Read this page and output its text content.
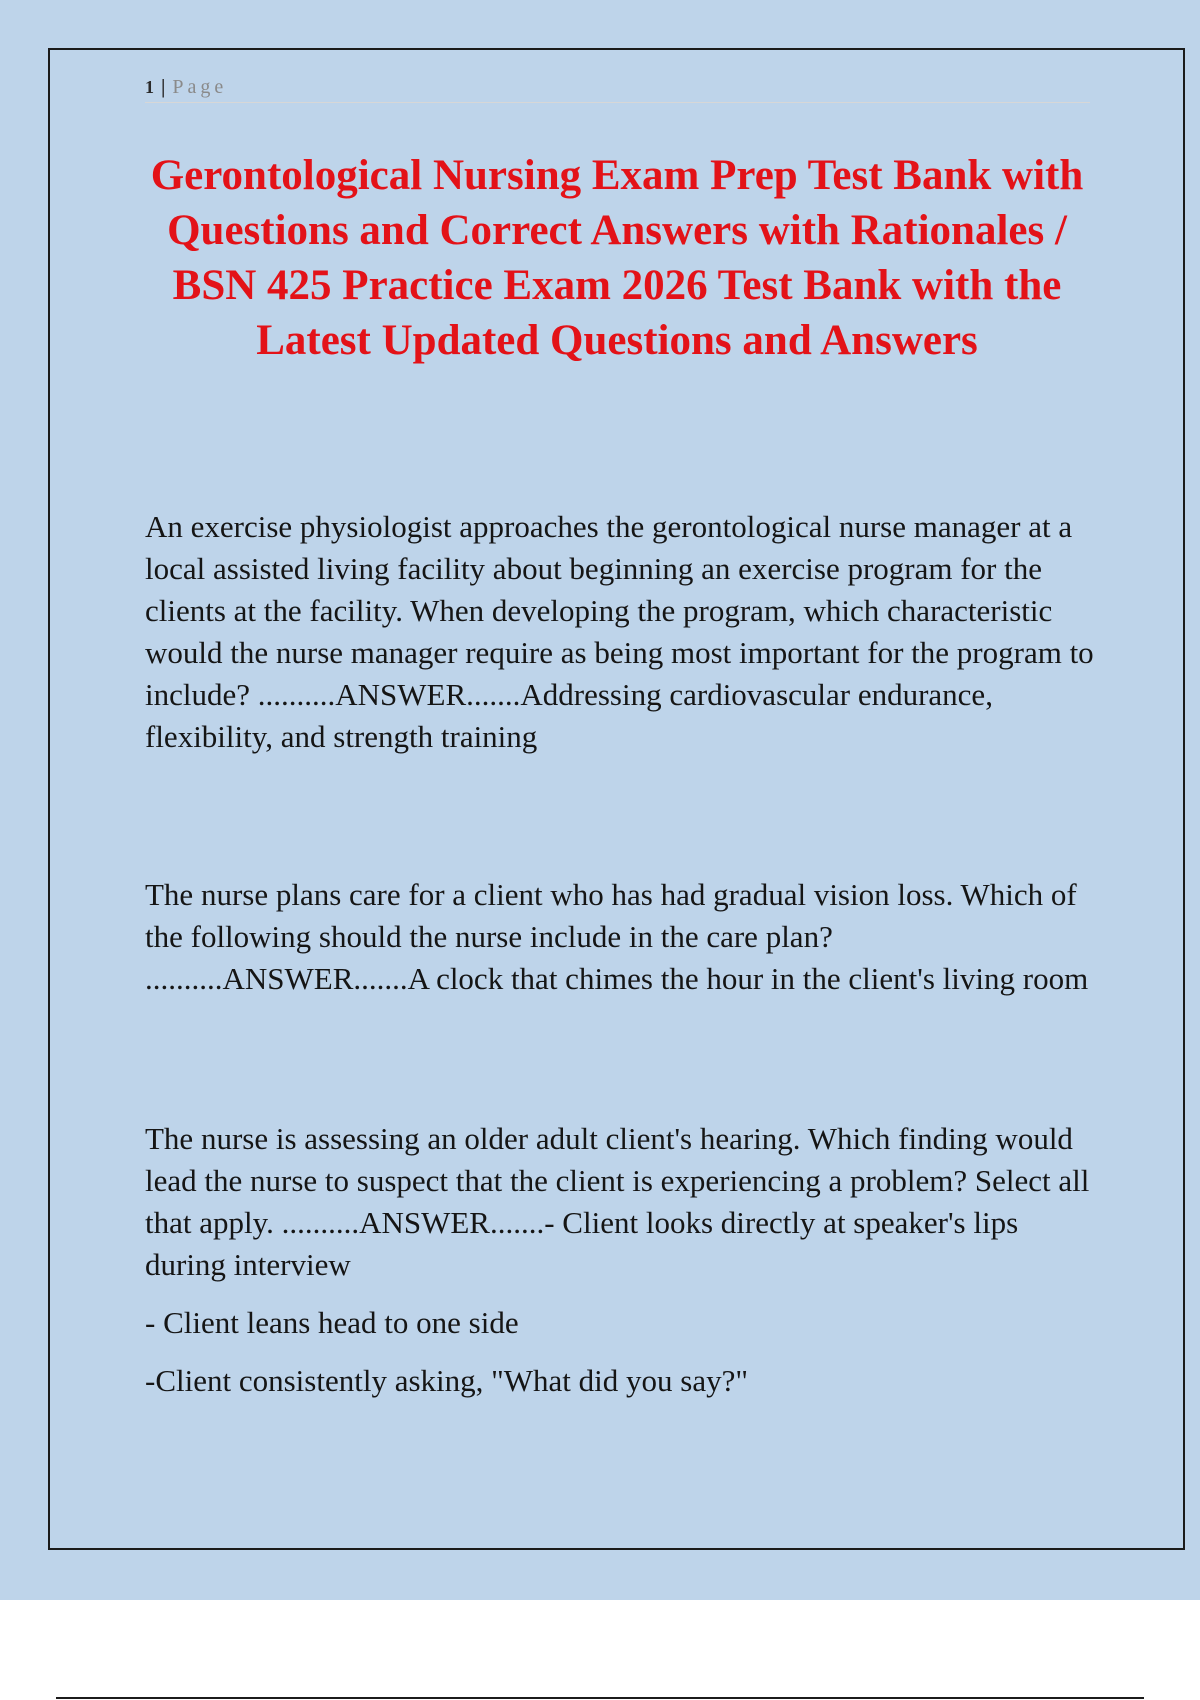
1 | Page
Gerontological Nursing Exam Prep Test Bank with Questions and Correct Answers with Rationales / BSN 425 Practice Exam 2026 Test Bank with the Latest Updated Questions and Answers

An exercise physiologist approaches the gerontological nurse manager at a local assisted living facility about beginning an exercise program for the clients at the facility. When developing the program, which characteristic would the nurse manager require as being most important for the program to include? ..........ANSWER.......Addressing cardiovascular endurance, flexibility, and strength training

The nurse plans care for a client who has had gradual vision loss. Which of the following should the nurse include in the care plan? ..........ANSWER.......A clock that chimes the hour in the client's living room

The nurse is assessing an older adult client's hearing. Which finding would lead the nurse to suspect that the client is experiencing a problem? Select all that apply. ..........ANSWER.......- Client looks directly at speaker's lips during interview

- Client leans head to one side

-Client consistently asking, "What did you say?"
